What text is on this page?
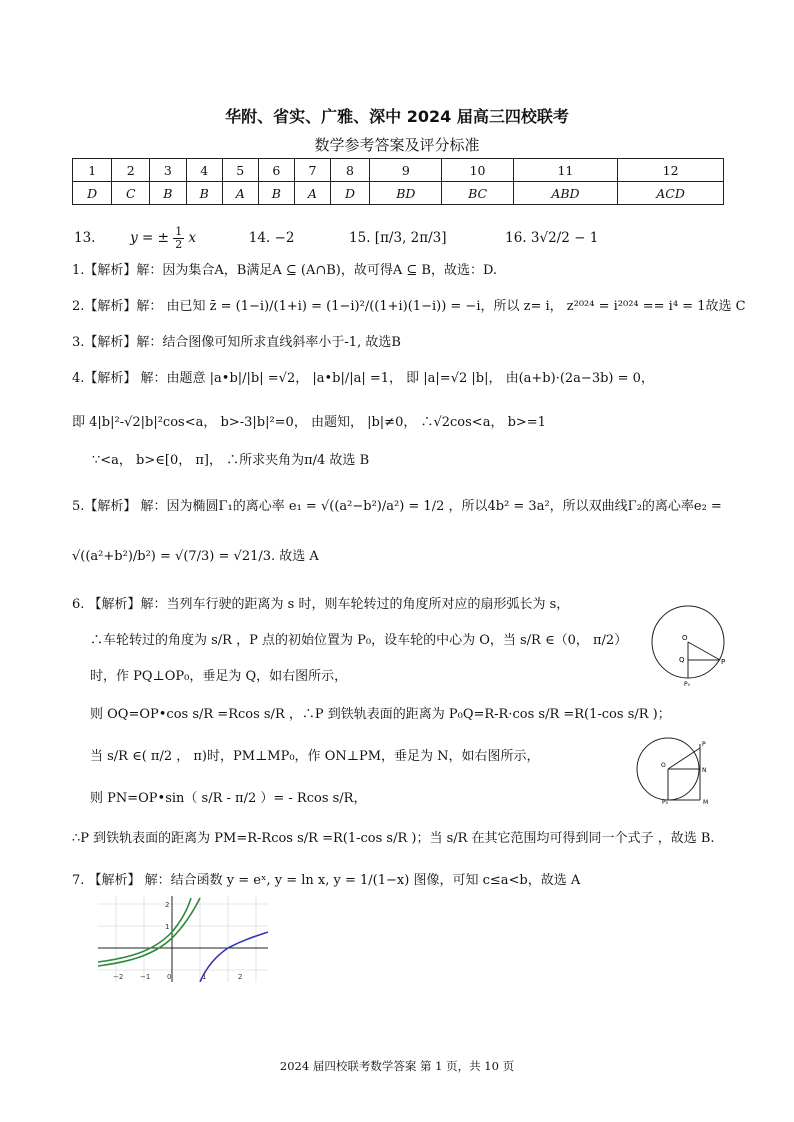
华附、省实、广雅、深中 2024 届高三四校联考
数学参考答案及评分标准
1	2	3	4	5	6	7	8	9	10	11	12
D	C	B	B	A	B	A	D	BD	BC	ABD	ACD
13.	y = ± $\frac{1}{2}$ x	14. −2	15. [π/3, 2π/3]	16. 3√2/2 − 1
1.【解析】解：因为集合A，B满足A ⊆ (A∩B)，故可得A ⊆ B，故选：D.
2.【解析】解： 由已知 z̄ = (1−i)/(1+i) = (1−i)²/((1+i)(1−i)) = −i，所以 z= i， z²⁰²⁴ = i²⁰²⁴ == i⁴ = 1故选 C
3.【解析】解：结合图像可知所求直线斜率小于-1, 故选B
4.【解析】 解：由题意 |a•b|/|b| =√2， |a•b|/|a| =1， 即 |a|=√2 |b|， 由(a+b)·(2a−3b) = 0，
即 4|b|²-√2|b|²cos<a， b>-3|b|²=0， 由题知， |b|≠0， ∴√2cos<a， b>=1
∵<a， b>∈[0， π]， ∴所求夹角为π/4 故选 B
5.【解析】 解：因为椭圆Γ₁的离心率 e₁ = √((a²−b²)/a²) = 1/2 ，所以4b² = 3a²，所以双曲线Γ₂的离心率e₂ =
√((a²+b²)/b²) = √(7/3) = √21/3. 故选 A
6. 【解析】解：当列车行驶的距离为 s 时，则车轮转过的角度所对应的扇形弧长为 s，
∴车轮转过的角度为 s/R ，P 点的初始位置为 P₀，设车轮的中心为 O，当 s/R ∈（0， π/2）
时，作 PQ⊥OP₀，垂足为 Q，如右图所示，
则 OQ=OP•cos s/R =Rcos s/R ，∴P 到铁轨表面的距离为 P₀Q=R-R·cos s/R =R(1-cos s/R )；
当 s/R ∈( π/2 ， π)时，PM⊥MP₀，作 ON⊥PM，垂足为 N，如右图所示，
则 PN=OP•sin（ s/R - π/2 ）= - Rcos s/R，
∴P 到铁轨表面的距离为 PM=R-Rcos s/R =R(1-cos s/R )；当 s/R 在其它范围均可得到同一个式子 ，故选 B.
7. 【解析】 解：结合函数 y = eˣ, y = ln x, y = 1/(1−x) 图像，可知 c≤a<b，故选 A
O
Q	P
P₀
P
O
N
P₀	M
−2 −1 0	1	2
2
1
2024 届四校联考数学答案 第 1 页，共 10 页
